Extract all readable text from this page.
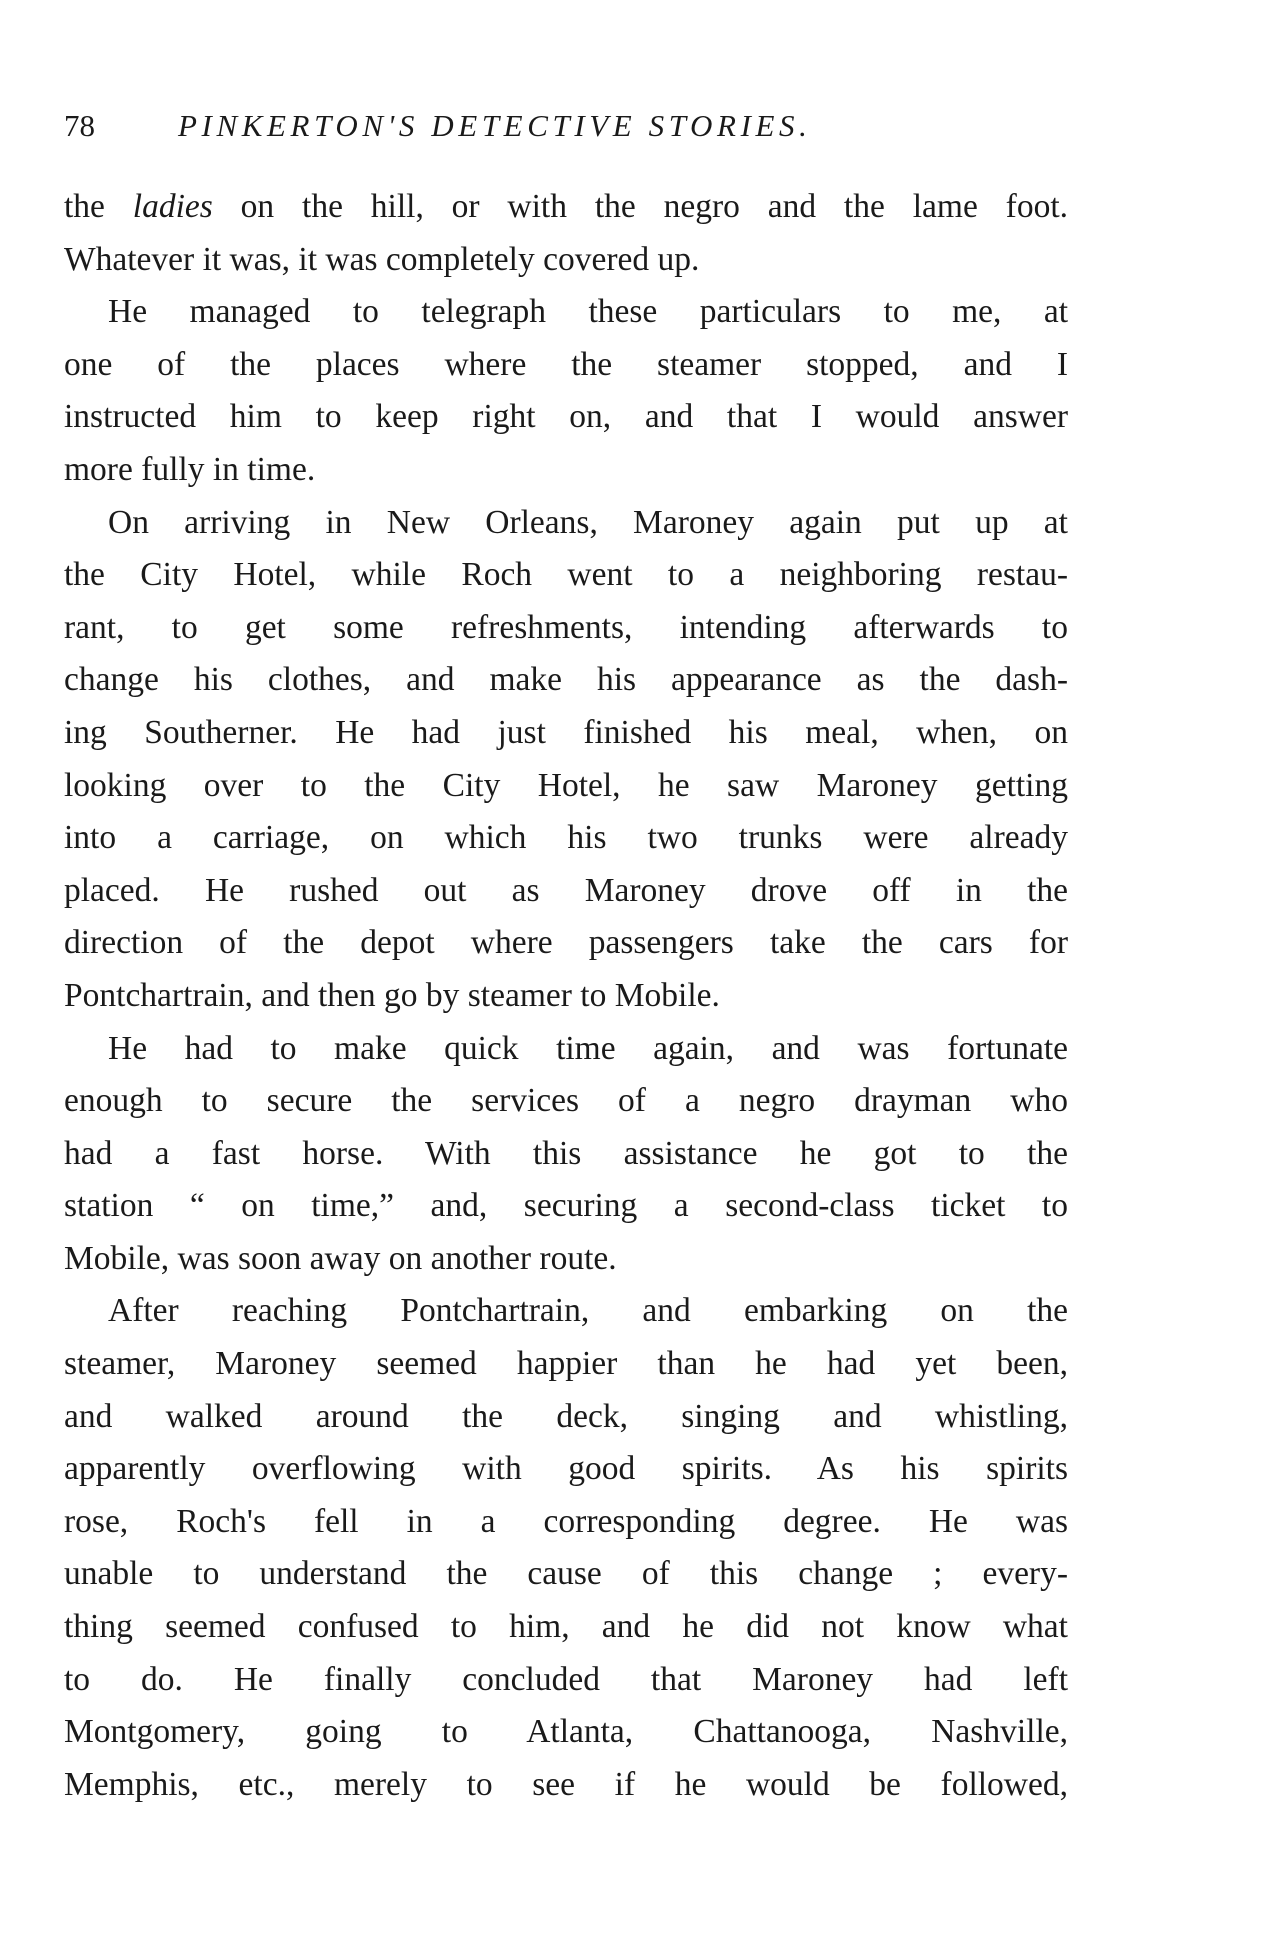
78	PINKERTON'S DETECTIVE STORIES.
the ladies on the hill, or with the negro and the lame foot.
Whatever it was, it was completely covered up.
He managed to telegraph these particulars to me, at
one of the places where the steamer stopped, and I
instructed him to keep right on, and that I would answer
more fully in time.
On arriving in New Orleans, Maroney again put up at
the City Hotel, while Roch went to a neighboring restau-
rant, to get some refreshments, intending afterwards to
change his clothes, and make his appearance as the dash-
ing Southerner. He had just finished his meal, when, on
looking over to the City Hotel, he saw Maroney getting
into a carriage, on which his two trunks were already
placed. He rushed out as Maroney drove off in the
direction of the depot where passengers take the cars for
Pontchartrain, and then go by steamer to Mobile.
He had to make quick time again, and was fortunate
enough to secure the services of a negro drayman who
had a fast horse. With this assistance he got to the
station “ on time,” and, securing a second-class ticket to
Mobile, was soon away on another route.
After reaching Pontchartrain, and embarking on the
steamer, Maroney seemed happier than he had yet been,
and walked around the deck, singing and whistling,
apparently overflowing with good spirits. As his spirits
rose, Roch's fell in a corresponding degree. He was
unable to understand the cause of this change ; every-
thing seemed confused to him, and he did not know what
to do. He finally concluded that Maroney had left
Montgomery, going to Atlanta, Chattanooga, Nashville,
Memphis, etc., merely to see if he would be followed,
